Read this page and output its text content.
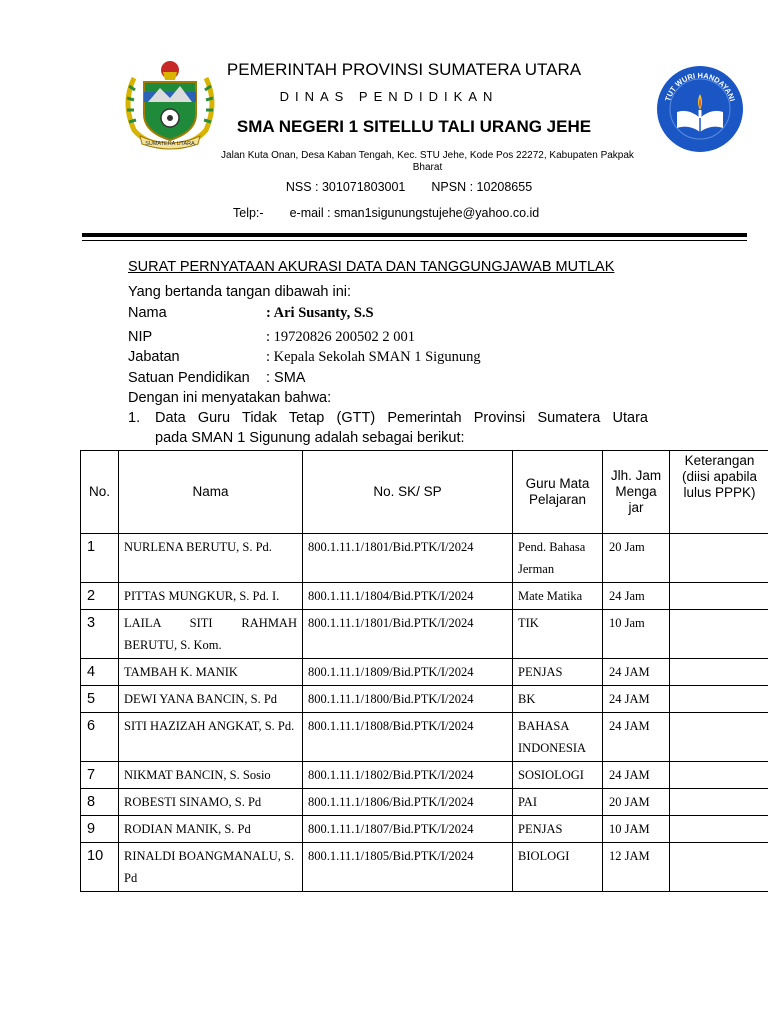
SUMATERA UTARA
TUT WURI HANDAYANI
PEMERINTAH PROVINSI SUMATERA UTARA
DINAS PENDIDIKAN
SMA NEGERI 1 SITELLU TALI URANG JEHE
Jalan Kuta Onan, Desa Kaban Tengah, Kec. STU Jehe, Kode Pos 22272, Kabupaten Pakpak Bharat
NSS : 301071803001 NPSN : 10208655
Telp:- e-mail : sman1sigunungstujehe@yahoo.co.id
SURAT PERNYATAAN AKURASI DATA DAN TANGGUNGJAWAB MUTLAK
Yang bertanda tangan dibawah ini:
Nama	: Ari Susanty, S.S
NIP	: 19720826 200502 2 001
Jabatan	: Kepala Sekolah SMAN 1 Sigunung
Satuan Pendidikan : SMA
Dengan ini menyatakan bahwa:
1. Data Guru Tidak Tetap (GTT) Pemerintah Provinsi Sumatera Utara
pada SMAN 1 Sigunung adalah sebagai berikut:
No.	Nama	No. SK/ SP	Guru Mata Pelajaran	Jlh. Jam Menga jar	Keterangan (diisi apabila lulus PPPK)
1	NURLENA BERUTU, S. Pd.	800.1.11.1/1801/Bid.PTK/I/2024	Pend. Bahasa Jerman	20 Jam	
2	PITTAS MUNGKUR, S. Pd. I.	800.1.11.1/1804/Bid.PTK/I/2024	Mate Matika	24 Jam	
3	LAILA SITI RAHMAH BERUTU, S. Kom.	800.1.11.1/1801/Bid.PTK/I/2024	TIK	10 Jam	
4	TAMBAH K. MANIK	800.1.11.1/1809/Bid.PTK/I/2024	PENJAS	24 JAM	
5	DEWI YANA BANCIN, S. Pd	800.1.11.1/1800/Bid.PTK/I/2024	BK	24 JAM	
6	SITI HAZIZAH ANGKAT, S. Pd.	800.1.11.1/1808/Bid.PTK/I/2024	BAHASA INDONESIA	24 JAM	
7	NIKMAT BANCIN, S. Sosio	800.1.11.1/1802/Bid.PTK/I/2024	SOSIOLOGI	24 JAM	
8	ROBESTI SINAMO, S. Pd	800.1.11.1/1806/Bid.PTK/I/2024	PAI	20 JAM	
9	RODIAN MANIK, S. Pd	800.1.11.1/1807/Bid.PTK/I/2024	PENJAS	10 JAM	
10	RINALDI BOANGMANALU, S. Pd	800.1.11.1/1805/Bid.PTK/I/2024	BIOLOGI	12 JAM	
